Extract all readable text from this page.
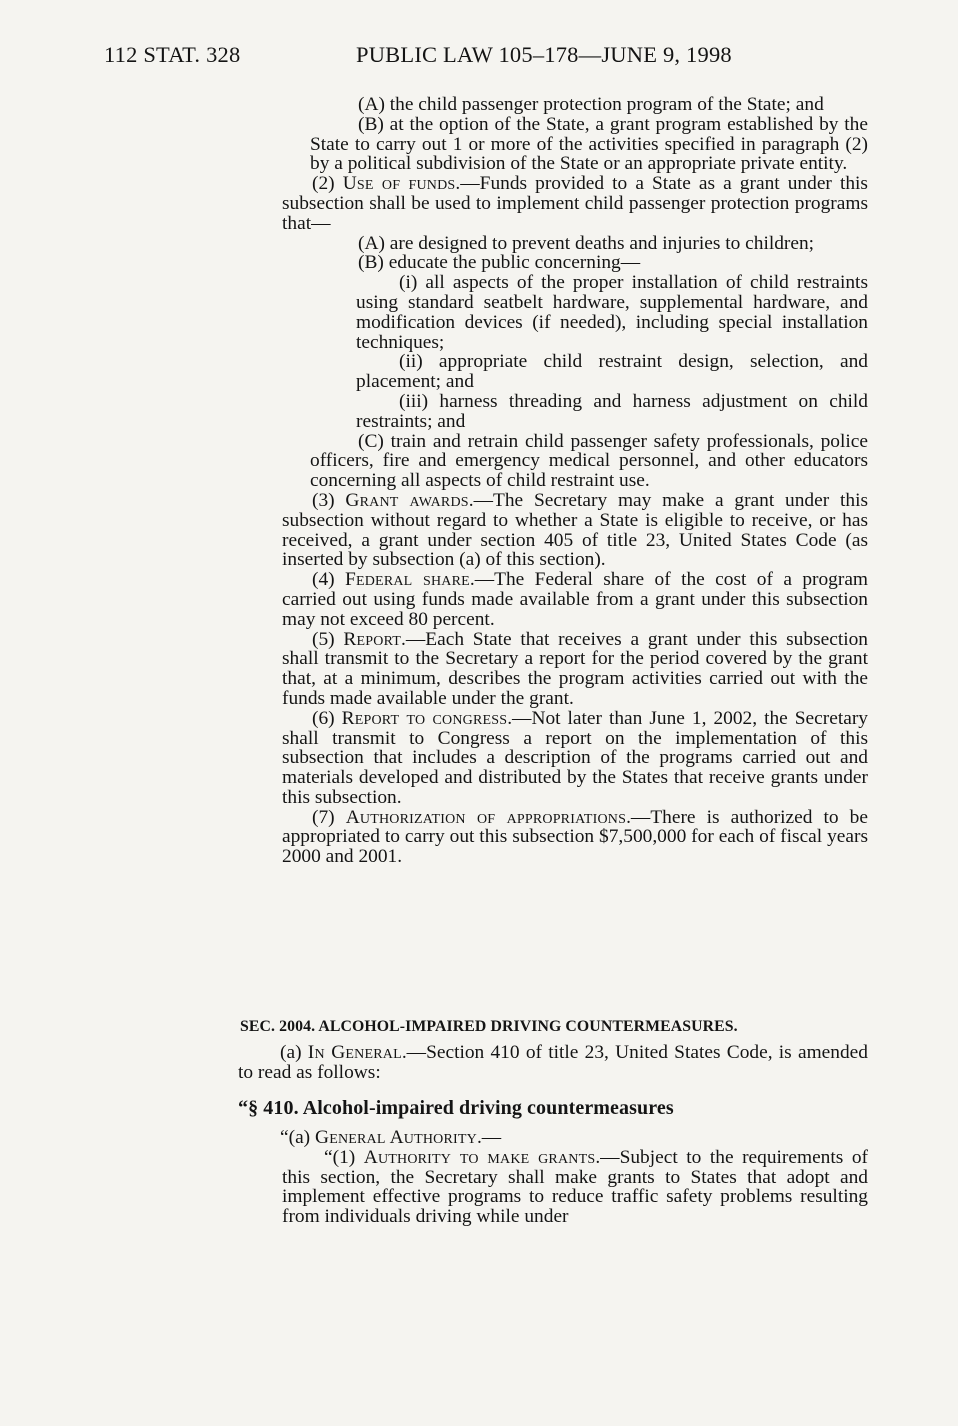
112 STAT. 328	PUBLIC LAW 105–178—JUNE 9, 1998

(A) the child passenger protection program of the State; and

(B) at the option of the State, a grant program established by the State to carry out 1 or more of the activities specified in paragraph (2) by a political subdivision of the State or an appropriate private entity.

(2) Use of funds.—Funds provided to a State as a grant under this subsection shall be used to implement child passenger protection programs that—

(A) are designed to prevent deaths and injuries to children;

(B) educate the public concerning—

(i) all aspects of the proper installation of child restraints using standard seatbelt hardware, supplemental hardware, and modification devices (if needed), including special installation techniques;

(ii) appropriate child restraint design, selection, and placement; and

(iii) harness threading and harness adjustment on child restraints; and

(C) train and retrain child passenger safety professionals, police officers, fire and emergency medical personnel, and other educators concerning all aspects of child restraint use.

(3) Grant awards.—The Secretary may make a grant under this subsection without regard to whether a State is eligible to receive, or has received, a grant under section 405 of title 23, United States Code (as inserted by subsection (a) of this section).

(4) Federal share.—The Federal share of the cost of a program carried out using funds made available from a grant under this subsection may not exceed 80 percent.

(5) Report.—Each State that receives a grant under this subsection shall transmit to the Secretary a report for the period covered by the grant that, at a minimum, describes the program activities carried out with the funds made available under the grant.

(6) Report to congress.—Not later than June 1, 2002, the Secretary shall transmit to Congress a report on the implementation of this subsection that includes a description of the programs carried out and materials developed and distributed by the States that receive grants under this subsection.

(7) Authorization of appropriations.—There is authorized to be appropriated to carry out this subsection $7,500,000 for each of fiscal years 2000 and 2001.

SEC. 2004. ALCOHOL-IMPAIRED DRIVING COUNTERMEASURES.

(a) In General.—Section 410 of title 23, United States Code, is amended to read as follows:

“§ 410. Alcohol-impaired driving countermeasures

“(a) General Authority.—

“(1) Authority to make grants.—Subject to the requirements of this section, the Secretary shall make grants to States that adopt and implement effective programs to reduce traffic safety problems resulting from individuals driving while under
